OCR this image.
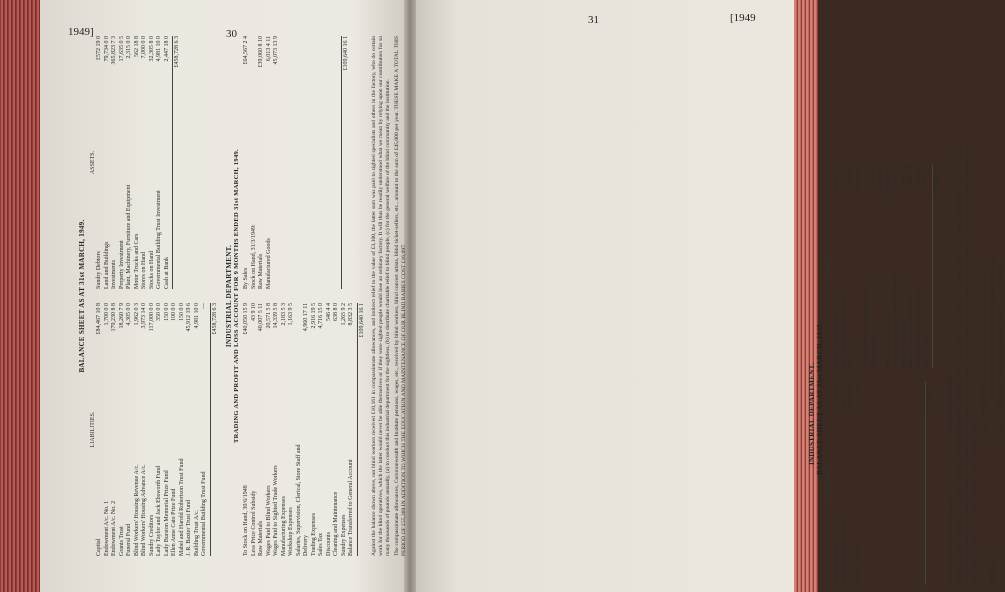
1949]	30
31	[1949
BALANCE SHEET AS AT 31st MARCH, 1949.
LIABILITIES.
Capital
£84,467 10 8
Endowment A/c. No. 1
1,700 0 0
Endowment A/c. No. 2
179,230 8 8
Grants Trust
18,260 7 9
Funeral Fund
4,305 0 0
Blind Workers' Housing Revenue A/c.
1,962 0 3
Blind Workers' Housing Advance A/c.
3,973 14 0
Sundry Creditors
117,000 0 0
Lady Taylor and Jack Ebsworth Fund
350 0 0
Lady Burston Memorial Prize Fund
150 0 0
Ellen Anne Cato Prize Fund
100 0 0
Mabel and Harold Robertson Trust Fund
150 0 0
J. R. Baxter Trust Fund
45,912 19 6
Building Trust A/c.
4,981 10 0
Governmental Building Trust Fund
— £458,728 6 3
ASSETS.
Sundry Debtors
£572 19 0
Land and Buildings
79,734 0 0
Investments
365,823 7 3
Property Investment
17,635 0 5
Plant, Machinery, Furniture and Equipment
2,315 0 0
Motor Trucks and Cars
562 18 8
Stores on Hand
7,000 0 0
Stocks on Hand
32,305 8 0
Governmental Building Trust Investment
4,981 10 0
Cash at Bank
2,447 18 0 £458,728 6 3
INDUSTRIAL DEPARTMENT. TRADING AND PROFIT AND LOSS ACCOUNT FOR 9 MONTHS ENDED 31st MARCH, 1949.
To Stock on Hand, 30/6/1948
£40,050 15 9
Less Price Control Subsidy
43 9 10
Raw Materials
40,007 5 11
Wages Paid to Blind Workers
20,571 5 8
Wages Paid to Sighted Trade Workers
14,339 5 8
Manufacturing Expenses
2,183 5 3
Workshop Expenses
1,163 9 5
Salaries, Supervision, Clerical, Store Staff and Delivery
4,960 17 11
Trading Expenses
2,916 19 5
Sales Tax
4,716 15 0
Discounts
546 4 4
Cleaning and Maintenance
638 8 0
Sundry Expenses
1,265 9 2
Balance Transferred to General Account
8,832 3 5 £109,640 16 1
By Sales
£64,567 2 4
Stock on Hand, 31/3/1949: Raw Materials
£39,060 8 10
Manufactured Goods
6,013 4 11 45,073 13 9	£109,640 16 1	Against the balance shown above, our blind workers received £10,161 in compassionate allowances, and indirect relief to the value of £3,100, the latter sum was paid to sighted specialists and others in the factory, who do certain work for the blind operatives, which the latter would never be able themselves or if they were sighted people would lose an ordinary factory. It will thus be readily understood what we mean by relying upon our contributors for so many thousands of pounds annually, (a) to conduct this industrial department for the sightless, (b) to distribute charitable relief to blind people, (c) for the general welfare of the blind community and the institution. The compassionate allowances, Commonwealth and Institute pensions, wages, etc., received by blind workers, blind concert artists, blind ticket-sellers, etc., amount to the sum of £45,000 per year. THESE MAKE A TOTAL THIS PERIOD OF £55,389 IN ADDITION TO WHICH THE EDUCATION AND MAINTENANCE OF OUR BLIND BABIES COST £16,097.	INDUSTRIAL DEPARTMENT. BALANCE SHEET AS AT 31st MARCH, 1949.
LIABILITIES.
Capital Account
£51,340 16 3
Funds Adjustment Account
14,215 9 9 £65,556 6 0
Sundry Creditors
37 4 8	£65,593 10 2
ASSETS.
Sundry Trade Debtors
£8,863 6 3
Less Trade and Discount Pro- vision
700 0 0 £8,163 6 3
Sundry Debtors, Housing Loans to Blind Workers
3,973 14 0 £12,137 0 3
Stocks on Hand at Cost
45,073 13 9
Stock on Hand, Wholesale Purchases, etc.
3,169 0 0
Machinery and Plant
5,460 0 0
Motor Trucks and Motor Cars
8,60 0 0
Office Equipment, Stationery, etc.
200 18 8
Cash in Hand
200 0 0 £65,593 10 2
PERCY W. BRIGGS, Hon. Treasurer.
AUDITORS' REPORT. We have examined the Books and Accounts of the Royal Victorian Institute for the Blind for the 9 months from 1st July, 1948, to 31st March, 1949, and we hereby report that, in our opinion, they are properly kept and that the financial condition of the Institution, as disclosed by these Balance Sheets and Statements are correctly made up, and truly repre- sent the financial position of the Royal Victorian Institute for the Blind, as shown by the Institution's books.
G. K. STEVENSON, Chartered Accountant (Aust.), of the firm of G. MARQUAND & SON, Chartered Accountants (Aust.). O. R. MACDONALD, Chartered Accountant (Aust.).
Auditors.
17th May, 1949.
